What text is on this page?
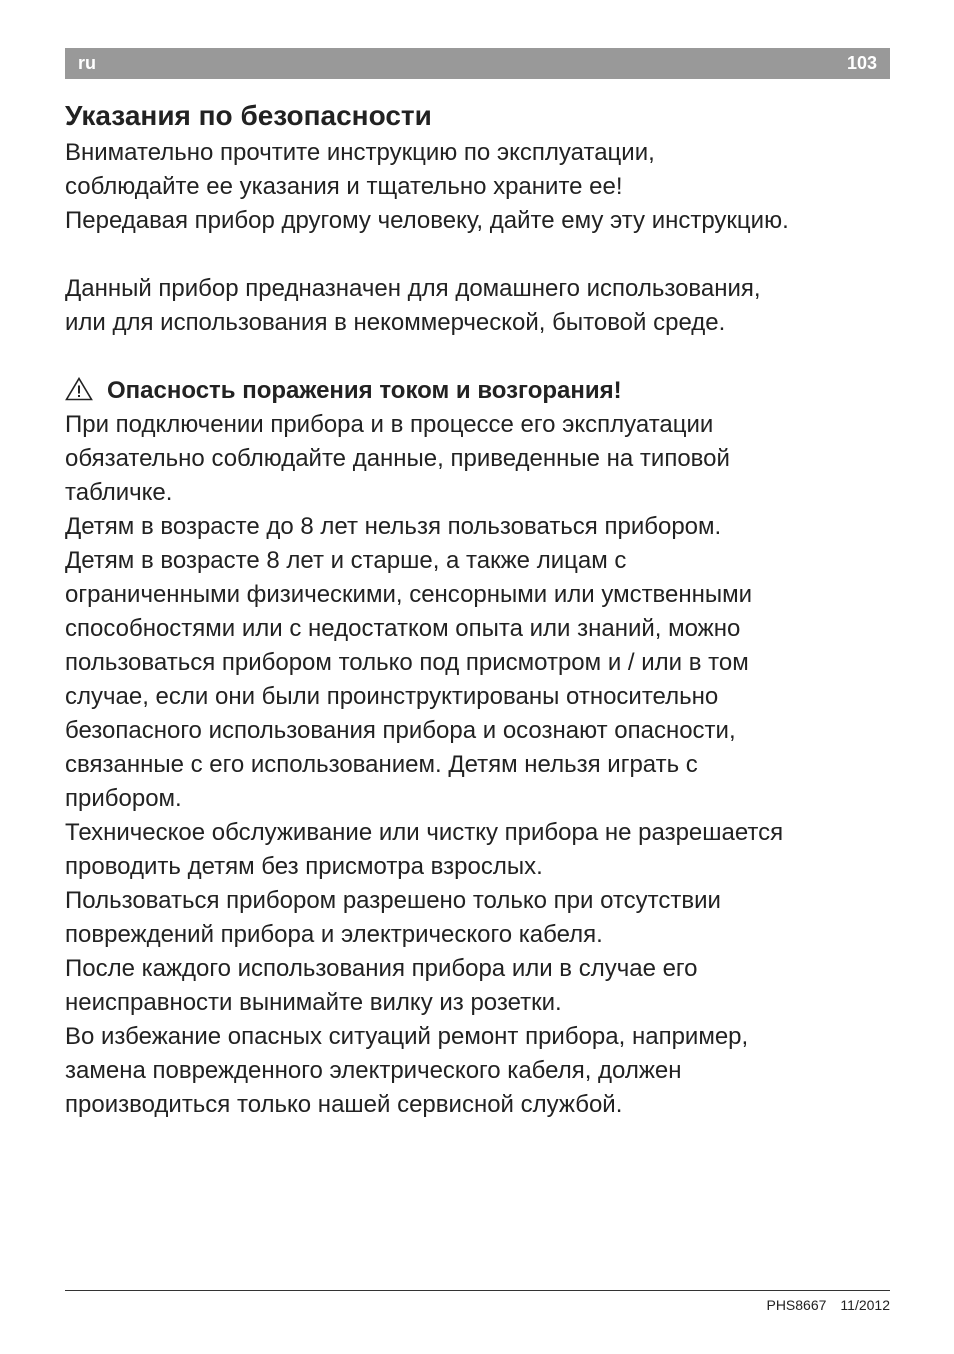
ru	103
Указания по безопасности

Внимательно прочтите инструкцию по эксплуатации,

соблюдайте ее указания и тщательно храните ее!

Передавая прибор другому человеку, дайте ему эту инструкцию.

Данный прибор предназначен для домашнего использования,

или для использования в некоммерческой, бытовой среде.

Опасность поражения током и возгорания!

При подключении прибора и в процессе его эксплуатации

обязательно соблюдайте данные, приведенные на типовой

табличке.

Детям в возрасте до 8 лет нельзя пользоваться прибором.

Детям в возрасте 8 лет и старше, а также лицам с

ограниченными физическими, сенсорными или умственными

способностями или с недостатком опыта или знаний, можно

пользоваться прибором только под присмотром и / или в том

случае, если они были проинструктированы относительно

безопасного использования прибора и осознают опасности,

связанные с его использованием. Детям нельзя играть с

прибором.

Техническое обслуживание или чистку прибора не разрешается

проводить детям без присмотра взрослых.

Пользоваться прибором разрешено только при отсутствии

повреждений прибора и электрического кабеля.

После каждого использования прибора или в случае его

неисправности вынимайте вилку из розетки.

Во избежание опасных ситуаций ремонт прибора, например,

замена поврежденного электрического кабеля, должен

производиться только нашей сервисной службой.

PHS8667 11/2012
